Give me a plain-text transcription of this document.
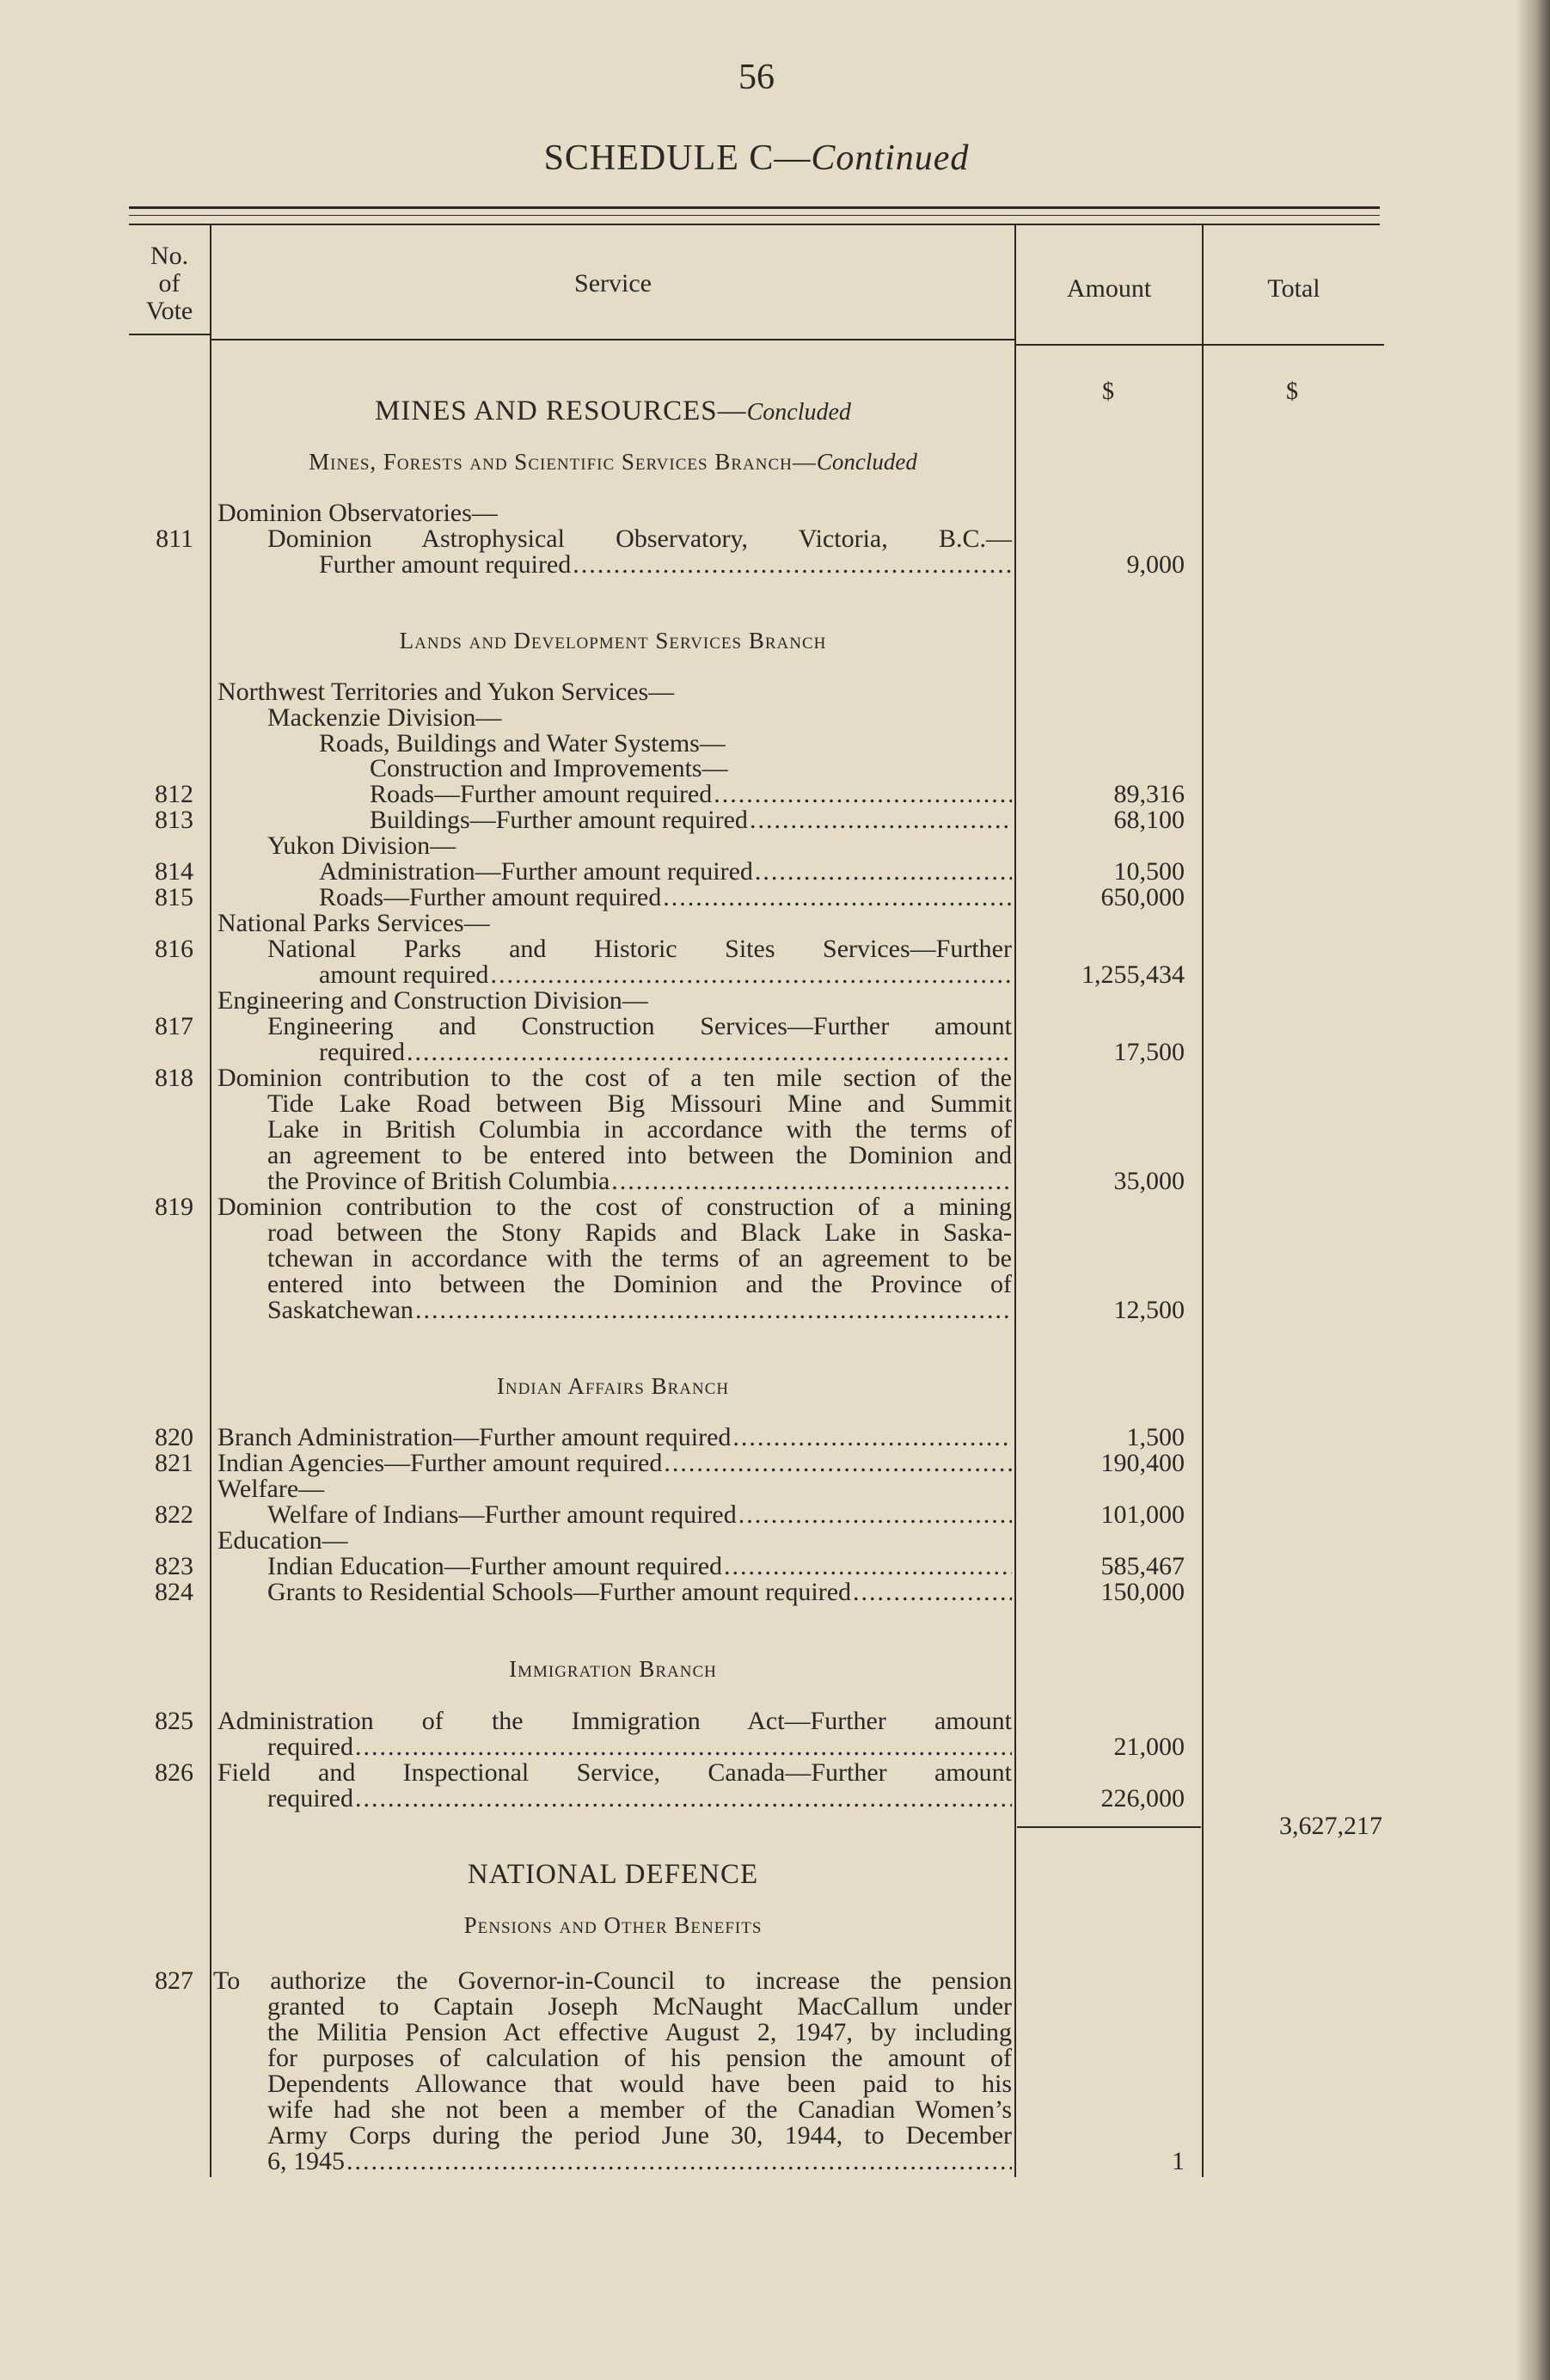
56
SCHEDULE C—Continued
No.
of
Vote
Service	Amount	Total
$	$
MINES AND RESOURCES—Concluded
Mines, Forests and Scientific Services Branch—Concluded
Dominion Observatories—
811	Dominion Astrophysical Observatory, Victoria, B.C.—
Further amount required .....	9,000
Lands and Development Services Branch
Northwest Territories and Yukon Services—
Mackenzie Division—
Roads, Buildings and Water Systems—
Construction and Improvements—
812	Roads—Further amount required .....	89,316
813	Buildings—Further amount required .....	68,100
Yukon Division—
814	Administration—Further amount required .....	10,500
815	Roads—Further amount required .....	650,000
National Parks Services—
816	National Parks and Historic Sites Services—Further
amount required .....	1,255,434
Engineering and Construction Division—
817	Engineering and Construction Services—Further amount
required .....	17,500
818 Dominion contribution to the cost of a ten mile section of the
Tide Lake Road between Big Missouri Mine and Summit
Lake in British Columbia in accordance with the terms of
an agreement to be entered into between the Dominion and
the Province of British Columbia .....	35,000
819 Dominion contribution to the cost of construction of a mining
road between the Stony Rapids and Black Lake in Saska-
tchewan in accordance with the terms of an agreement to be
entered into between the Dominion and the Province of
Saskatchewan .....	12,500
Indian Affairs Branch
820 Branch Administration—Further amount required .....	1,500
821 Indian Agencies—Further amount required .....	190,400
Welfare—
822	Welfare of Indians—Further amount required .....	101,000
Education—
823	Indian Education—Further amount required .....	585,467
824	Grants to Residential Schools—Further amount required .....	150,000
Immigration Branch
825 Administration of the Immigration Act—Further amount
required .....	21,000
826 Field and Inspectional Service, Canada—Further amount
required .....	226,000
3,627,217
NATIONAL DEFENCE
Pensions and Other Benefits
827 To authorize the Governor-in-Council to increase the pension
granted to Captain Joseph McNaught MacCallum under
the Militia Pension Act effective August 2, 1947, by including
for purposes of calculation of his pension the amount of
Dependents Allowance that would have been paid to his
wife had she not been a member of the Canadian Women’s
Army Corps during the period June 30, 1944, to December
6, 1945 .....	1
